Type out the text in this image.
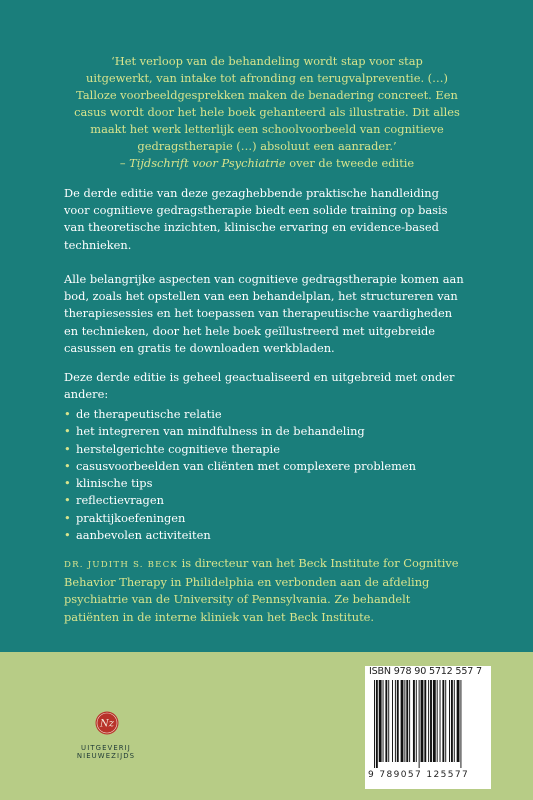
‘Het verloop van de behandeling wordt stap voor stap
uitgewerkt, van intake tot afronding en terugvalpreventie. (…)
Talloze voorbeeldgesprekken maken de benadering concreet. Een
casus wordt door het hele boek gehanteerd als illustratie. Dit alles
maakt het werk letterlijk een schoolvoorbeeld van cognitieve
gedragstherapie (…) absoluut een aanrader.’
– Tijdschrift voor Psychiatrie over de tweede editie
De derde editie van deze gezaghebbende praktische handleiding
voor cognitieve gedragstherapie biedt een solide training op basis
van theoretische inzichten, klinische ervaring en evidence-based
technieken.
Alle belangrijke aspecten van cognitieve gedragstherapie komen aan
bod, zoals het opstellen van een behandelplan, het structureren van
therapiesessies en het toepassen van therapeutische vaardigheden
en technieken, door het hele boek geïllustreerd met uitgebreide
casussen en gratis te downloaden werkbladen.
Deze derde editie is geheel geactualiseerd en uitgebreid met onder
andere:
• de therapeutische relatie
• het integreren van mindfulness in de behandeling
• herstelgerichte cognitieve therapie
• casusvoorbeelden van cliënten met complexere problemen
• klinische tips
• reflectievragen
• praktijkoefeningen
• aanbevolen activiteiten
DR. JUDITH S. BECK is directeur van het Beck Institute for Cognitive
Behavior Therapy in Philidelphia en verbonden aan de afdeling
psychiatrie van de University of Pennsylvania. Ze behandelt
patiënten in de interne kliniek van het Beck Institute.
Nz
UITGEVERIJ NIEUWEZIJDS
ISBN 978 90 5712 557 7
9 789057 125577
